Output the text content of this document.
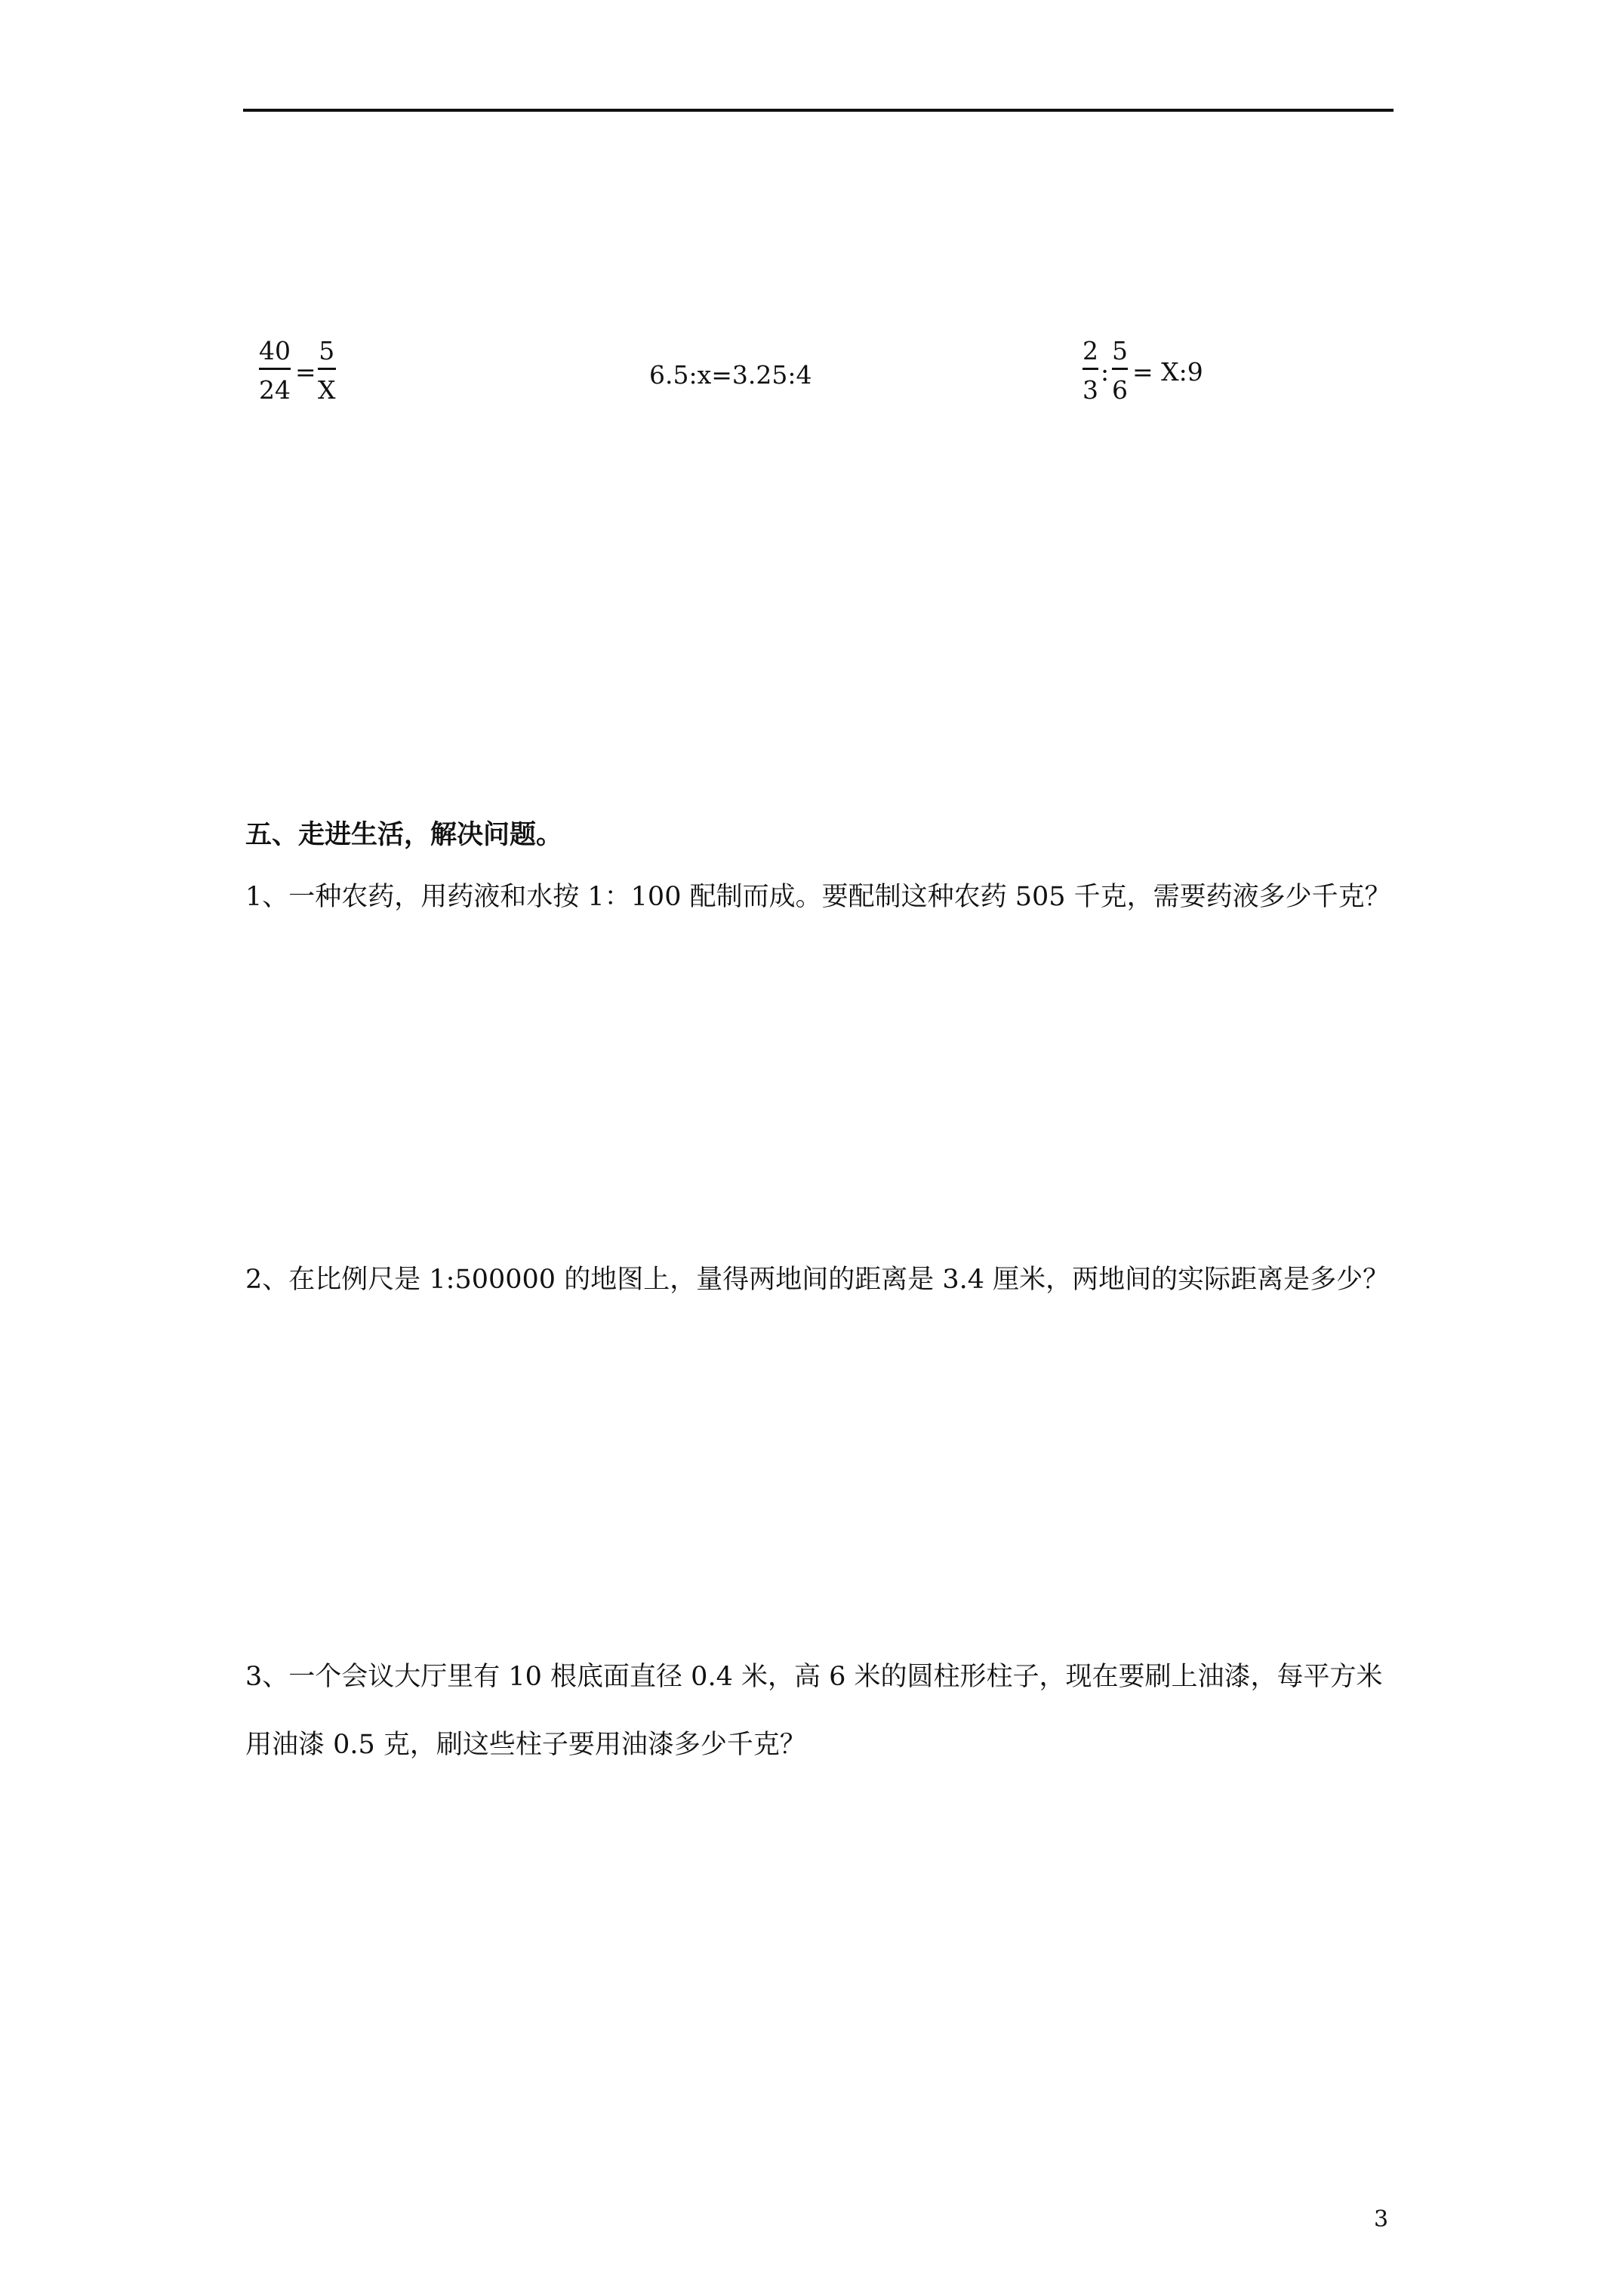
$\frac{40}{24} = \frac{5}{X}$	6.5:x=3.25:4	$\frac{2}{3}$ : $\frac{5}{6}$ = X:9
五、走进生活，解决问题。
1、一种农药，用药液和水按 1：100 配制而成。要配制这种农药 505 千克，需要药液多少千克？
2、在比例尺是 1:500000 的地图上，量得两地间的距离是 3.4 厘米，两地间的实际距离是多少？
3、一个会议大厅里有 10 根底面直径 0.4 米，高 6 米的圆柱形柱子，现在要刷上油漆，每平方米用油漆 0.5 克，刷这些柱子要用油漆多少千克？
3
